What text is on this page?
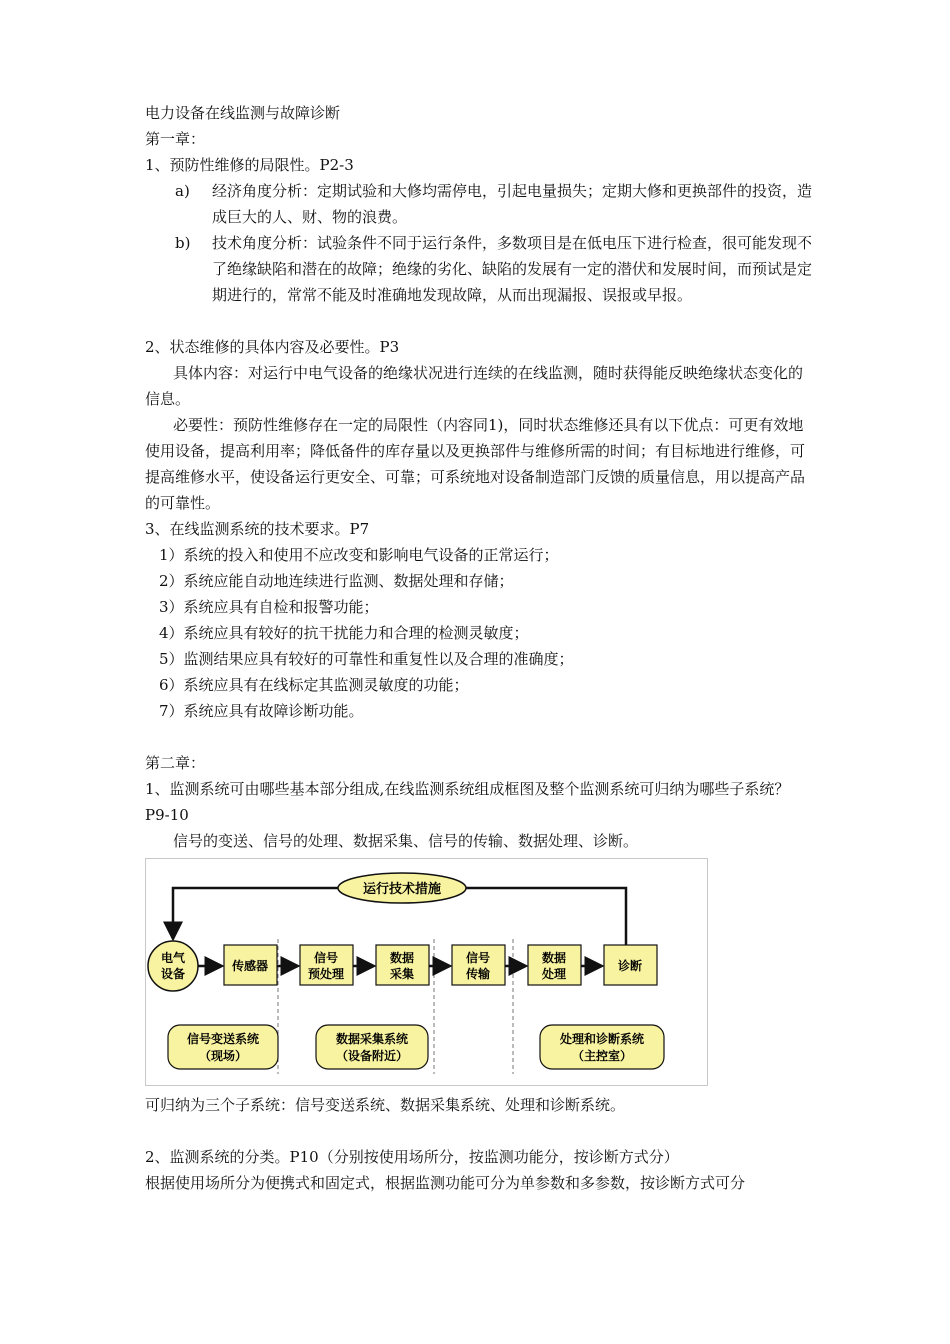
电力设备在线监测与故障诊断

第一章：

1、预防性维修的局限性。P2-3

a)	经济角度分析：定期试验和大修均需停电，引起电量损失；定期大修和更换部件的投资，造成巨大的人、财、物的浪费。
b)	技术角度分析：试验条件不同于运行条件，多数项目是在低电压下进行检查，很可能发现不了绝缘缺陷和潜在的故障；绝缘的劣化、缺陷的发展有一定的潜伏和发展时间，而预试是定期进行的，常常不能及时准确地发现故障，从而出现漏报、误报或早报。

2、状态维修的具体内容及必要性。P3

具体内容：对运行中电气设备的绝缘状况进行连续的在线监测，随时获得能反映绝缘状态变化的信息。

必要性：预防性维修存在一定的局限性（内容同1)，同时状态维修还具有以下优点：可更有效地使用设备，提高利用率；降低备件的库存量以及更换部件与维修所需的时间；有目标地进行维修，可提高维修水平，使设备运行更安全、可靠；可系统地对设备制造部门反馈的质量信息，用以提高产品的可靠性。

3、在线监测系统的技术要求。P7

1）系统的投入和使用不应改变和影响电气设备的正常运行；

2）系统应能自动地连续进行监测、数据处理和存储；

3）系统应具有自检和报警功能；

4）系统应具有较好的抗干扰能力和合理的检测灵敏度；

5）监测结果应具有较好的可靠性和重复性以及合理的准确度；

6）系统应具有在线标定其监测灵敏度的功能；

7）系统应具有故障诊断功能。

第二章：

1、监测系统可由哪些基本部分组成,在线监测系统组成框图及整个监测系统可归纳为哪些子系统？P9-10

信号的变送、信号的处理、数据采集、信号的传输、数据处理、诊断。

运行技术措施
电气
设备
传感器
信号
预处理
数据
采集
信号
传输
数据
处理
诊断
信号变送系统
（现场）
数据采集系统
（设备附近）
处理和诊断系统
（主控室）

可归纳为三个子系统：信号变送系统、数据采集系统、处理和诊断系统。

2、监测系统的分类。P10（分别按使用场所分，按监测功能分，按诊断方式分）

根据使用场所分为便携式和固定式，根据监测功能可分为单参数和多参数，按诊断方式可分
